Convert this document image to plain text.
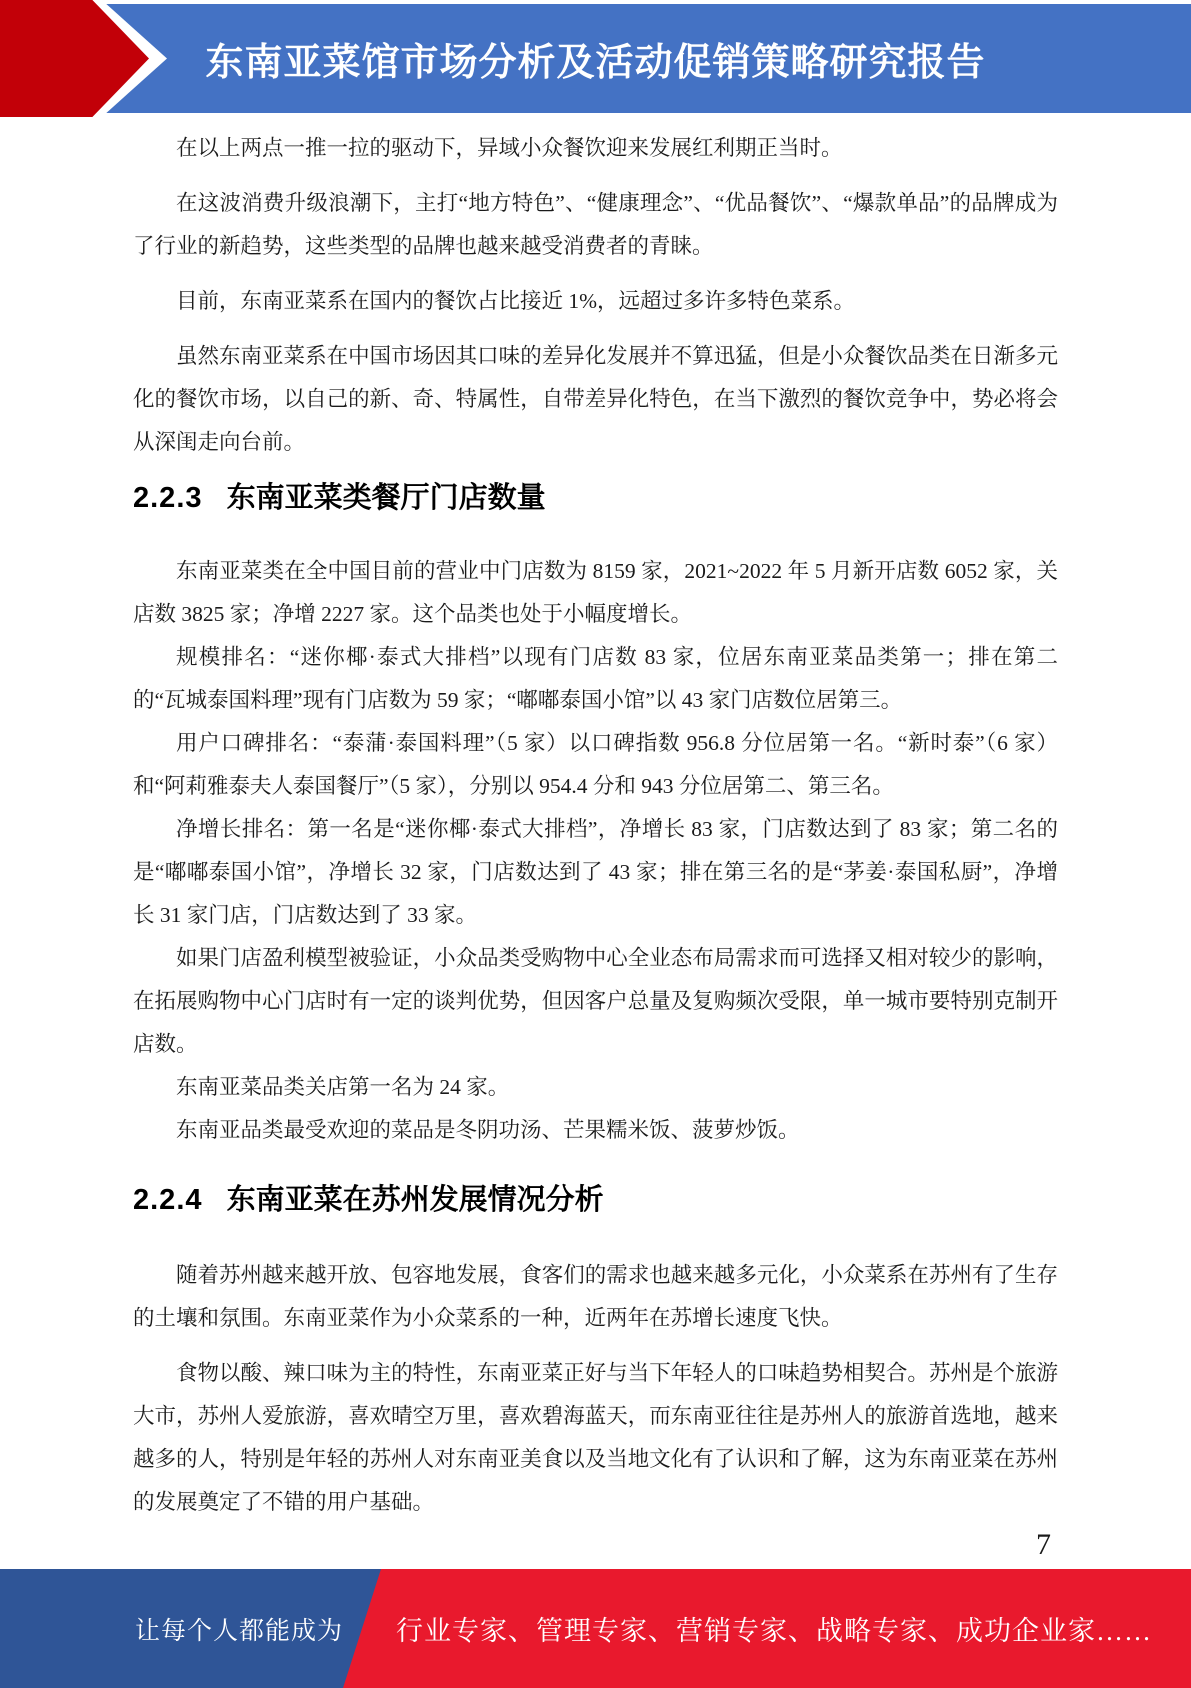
东南亚菜馆市场分析及活动促销策略研究报告

在以上两点一推一拉的驱动下，异域小众餐饮迎来发展红利期正当时。

在这波消费升级浪潮下，主打“地方特色”、“健康理念”、“优品餐饮”、“爆款单品”的品牌成为了行业的新趋势，这些类型的品牌也越来越受消费者的青睐。

目前，东南亚菜系在国内的餐饮占比接近 1%，远超过多许多特色菜系。

虽然东南亚菜系在中国市场因其口味的差异化发展并不算迅猛，但是小众餐饮品类在日渐多元化的餐饮市场，以自己的新、奇、特属性，自带差异化特色，在当下激烈的餐饮竞争中，势必将会从深闺走向台前。

2.2.3 东南亚菜类餐厅门店数量

东南亚菜类在全中国目前的营业中门店数为 8159 家，2021~2022 年 5 月新开店数 6052 家，关店数 3825 家；净增 2227 家。这个品类也处于小幅度增长。

规模排名：“迷你椰·泰式大排档”以现有门店数 83 家，位居东南亚菜品类第一；排在第二的“瓦城泰国料理”现有门店数为 59 家；“嘟嘟泰国小馆”以 43 家门店数位居第三。

用户口碑排名：“泰蒲·泰国料理”（5 家）以口碑指数 956.8 分位居第一名。“新时泰”（6 家）和“阿莉雅泰夫人泰国餐厅”（5 家），分别以 954.4 分和 943 分位居第二、第三名。

净增长排名：第一名是“迷你椰·泰式大排档”，净增长 83 家，门店数达到了 83 家；第二名的是“嘟嘟泰国小馆”，净增长 32 家，门店数达到了 43 家；排在第三名的是“茅姜·泰国私厨”，净增长 31 家门店，门店数达到了 33 家。

如果门店盈利模型被验证，小众品类受购物中心全业态布局需求而可选择又相对较少的影响，在拓展购物中心门店时有一定的谈判优势，但因客户总量及复购频次受限，单一城市要特别克制开店数。

东南亚菜品类关店第一名为 24 家。

东南亚品类最受欢迎的菜品是冬阴功汤、芒果糯米饭、菠萝炒饭。

2.2.4 东南亚菜在苏州发展情况分析

随着苏州越来越开放、包容地发展，食客们的需求也越来越多元化，小众菜系在苏州有了生存的土壤和氛围。东南亚菜作为小众菜系的一种，近两年在苏增长速度飞快。

食物以酸、辣口味为主的特性，东南亚菜正好与当下年轻人的口味趋势相契合。苏州是个旅游大市，苏州人爱旅游，喜欢晴空万里，喜欢碧海蓝天，而东南亚往往是苏州人的旅游首选地，越来越多的人，特别是年轻的苏州人对东南亚美食以及当地文化有了认识和了解，这为东南亚菜在苏州的发展奠定了不错的用户基础。

7
让每个人都能成为 行业专家、管理专家、营销专家、战略专家、成功企业家……
